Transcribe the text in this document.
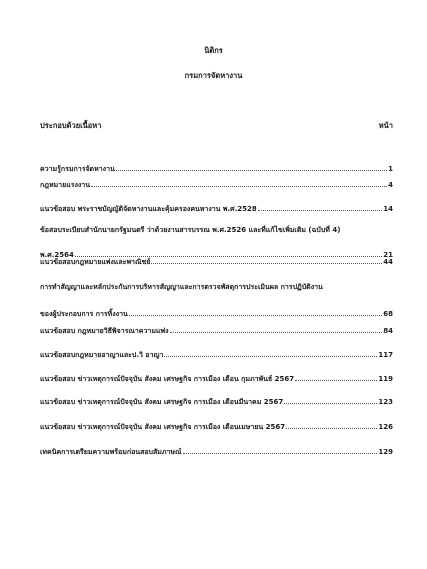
นิติกร
กรมการจัดหางาน
ประกอบด้วยเนื้อหา	หน้า
ความรู้กรมการจัดหางาน	1
กฎหมายแรงงาน	4
แนวข้อสอบ พระราชบัญญัติจัดหางานและคุ้มครองคนหางาน พ.ศ.2528	14
ข้อสอบระเบียบสำนักนายกรัฐมนตรี ว่าด้วยงานสารบรรณ พ.ศ.2526 และที่แก้ไขเพิ่มเติม (ฉบับที่ 4)
พ.ศ.2564	21
แนวข้อสอบกฎหมายแพ่งและพาณิชย์	44
การทำสัญญาและหลักประกันการบริหารสัญญาและการตรวจพัสดุการประเมินผล การปฏิบัติงาน
ของผู้ประกอบการ การทิ้งงาน	68
แนวข้อสอบ กฎหมายวิธีพิจารณาความแพ่ง	84
แนวข้อสอบกฎหมายอาญาและป.วิ อาญา	117
แนวข้อสอบ ข่าวเหตุการณ์ปัจจุบัน สังคม เศรษฐกิจ การเมือง เดือน กุมภาพันธ์ 2567	119
แนวข้อสอบ ข่าวเหตุการณ์ปัจจุบัน สังคม เศรษฐกิจ การเมือง เดือนมีนาคม 2567	123
แนวข้อสอบ ข่าวเหตุการณ์ปัจจุบัน สังคม เศรษฐกิจ การเมือง เดือนเมษายน 2567	126
เทคนิคการเตรียมความพร้อมก่อนสอบสัมภาษณ์	129
